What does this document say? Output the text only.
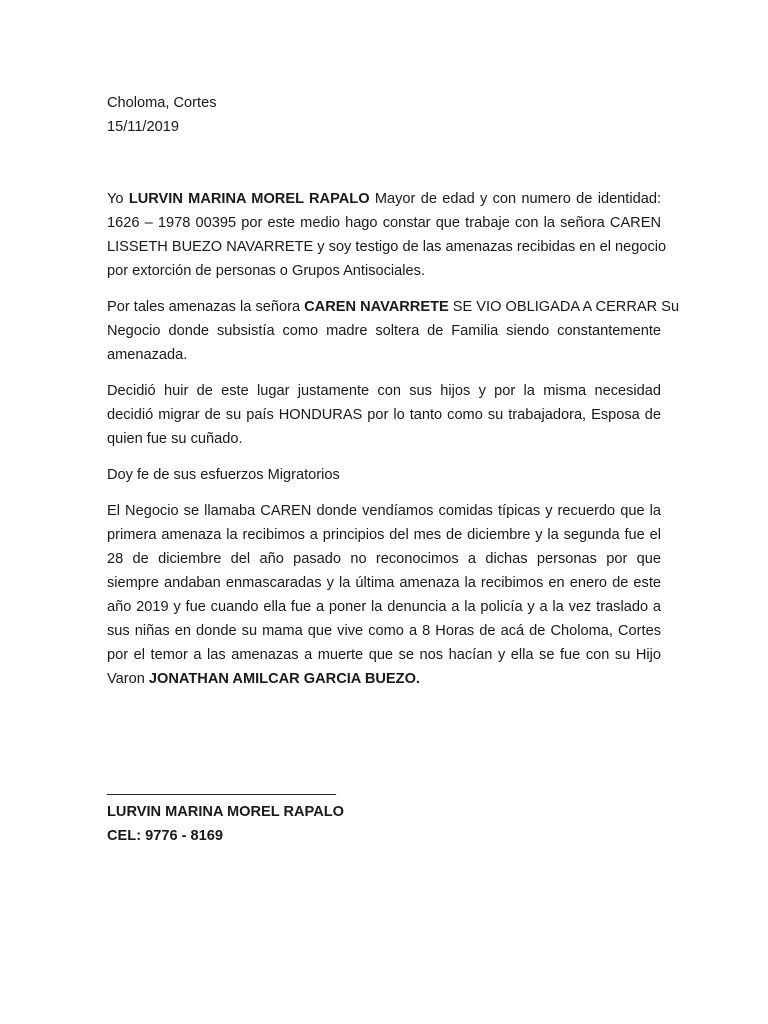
Choloma, Cortes
15/11/2019
Yo LURVIN MARINA MOREL RAPALO Mayor de edad y con numero de identidad:
1626 – 1978 00395 por este medio hago constar que trabaje con la señora CAREN
LISSETH BUEZO NAVARRETE y soy testigo de las amenazas recibidas en el negocio
por extorción de personas o Grupos Antisociales.
Por tales amenazas la señora CAREN NAVARRETE SE VIO OBLIGADA A CERRAR Su
Negocio donde subsistía como madre soltera de Familia siendo constantemente
amenazada.
Decidió huir de este lugar justamente con sus hijos y por la misma necesidad
decidió migrar de su país HONDURAS por lo tanto como su trabajadora, Esposa de
quien fue su cuñado.
Doy fe de sus esfuerzos Migratorios
El Negocio se llamaba CAREN donde vendíamos comidas típicas y recuerdo que la
primera amenaza la recibimos a principios del mes de diciembre y la segunda fue el
28 de diciembre del año pasado no reconocimos a dichas personas por que
siempre andaban enmascaradas y la última amenaza la recibimos en enero de este
año 2019 y fue cuando ella fue a poner la denuncia a la policía y a la vez traslado a
sus niñas en donde su mama que vive como a 8 Horas de acá de Choloma, Cortes
por el temor a las amenazas a muerte que se nos hacían y ella se fue con su Hijo
Varon JONATHAN AMILCAR GARCIA BUEZO.
______________________________
LURVIN MARINA MOREL RAPALO
CEL: 9776 - 8169
